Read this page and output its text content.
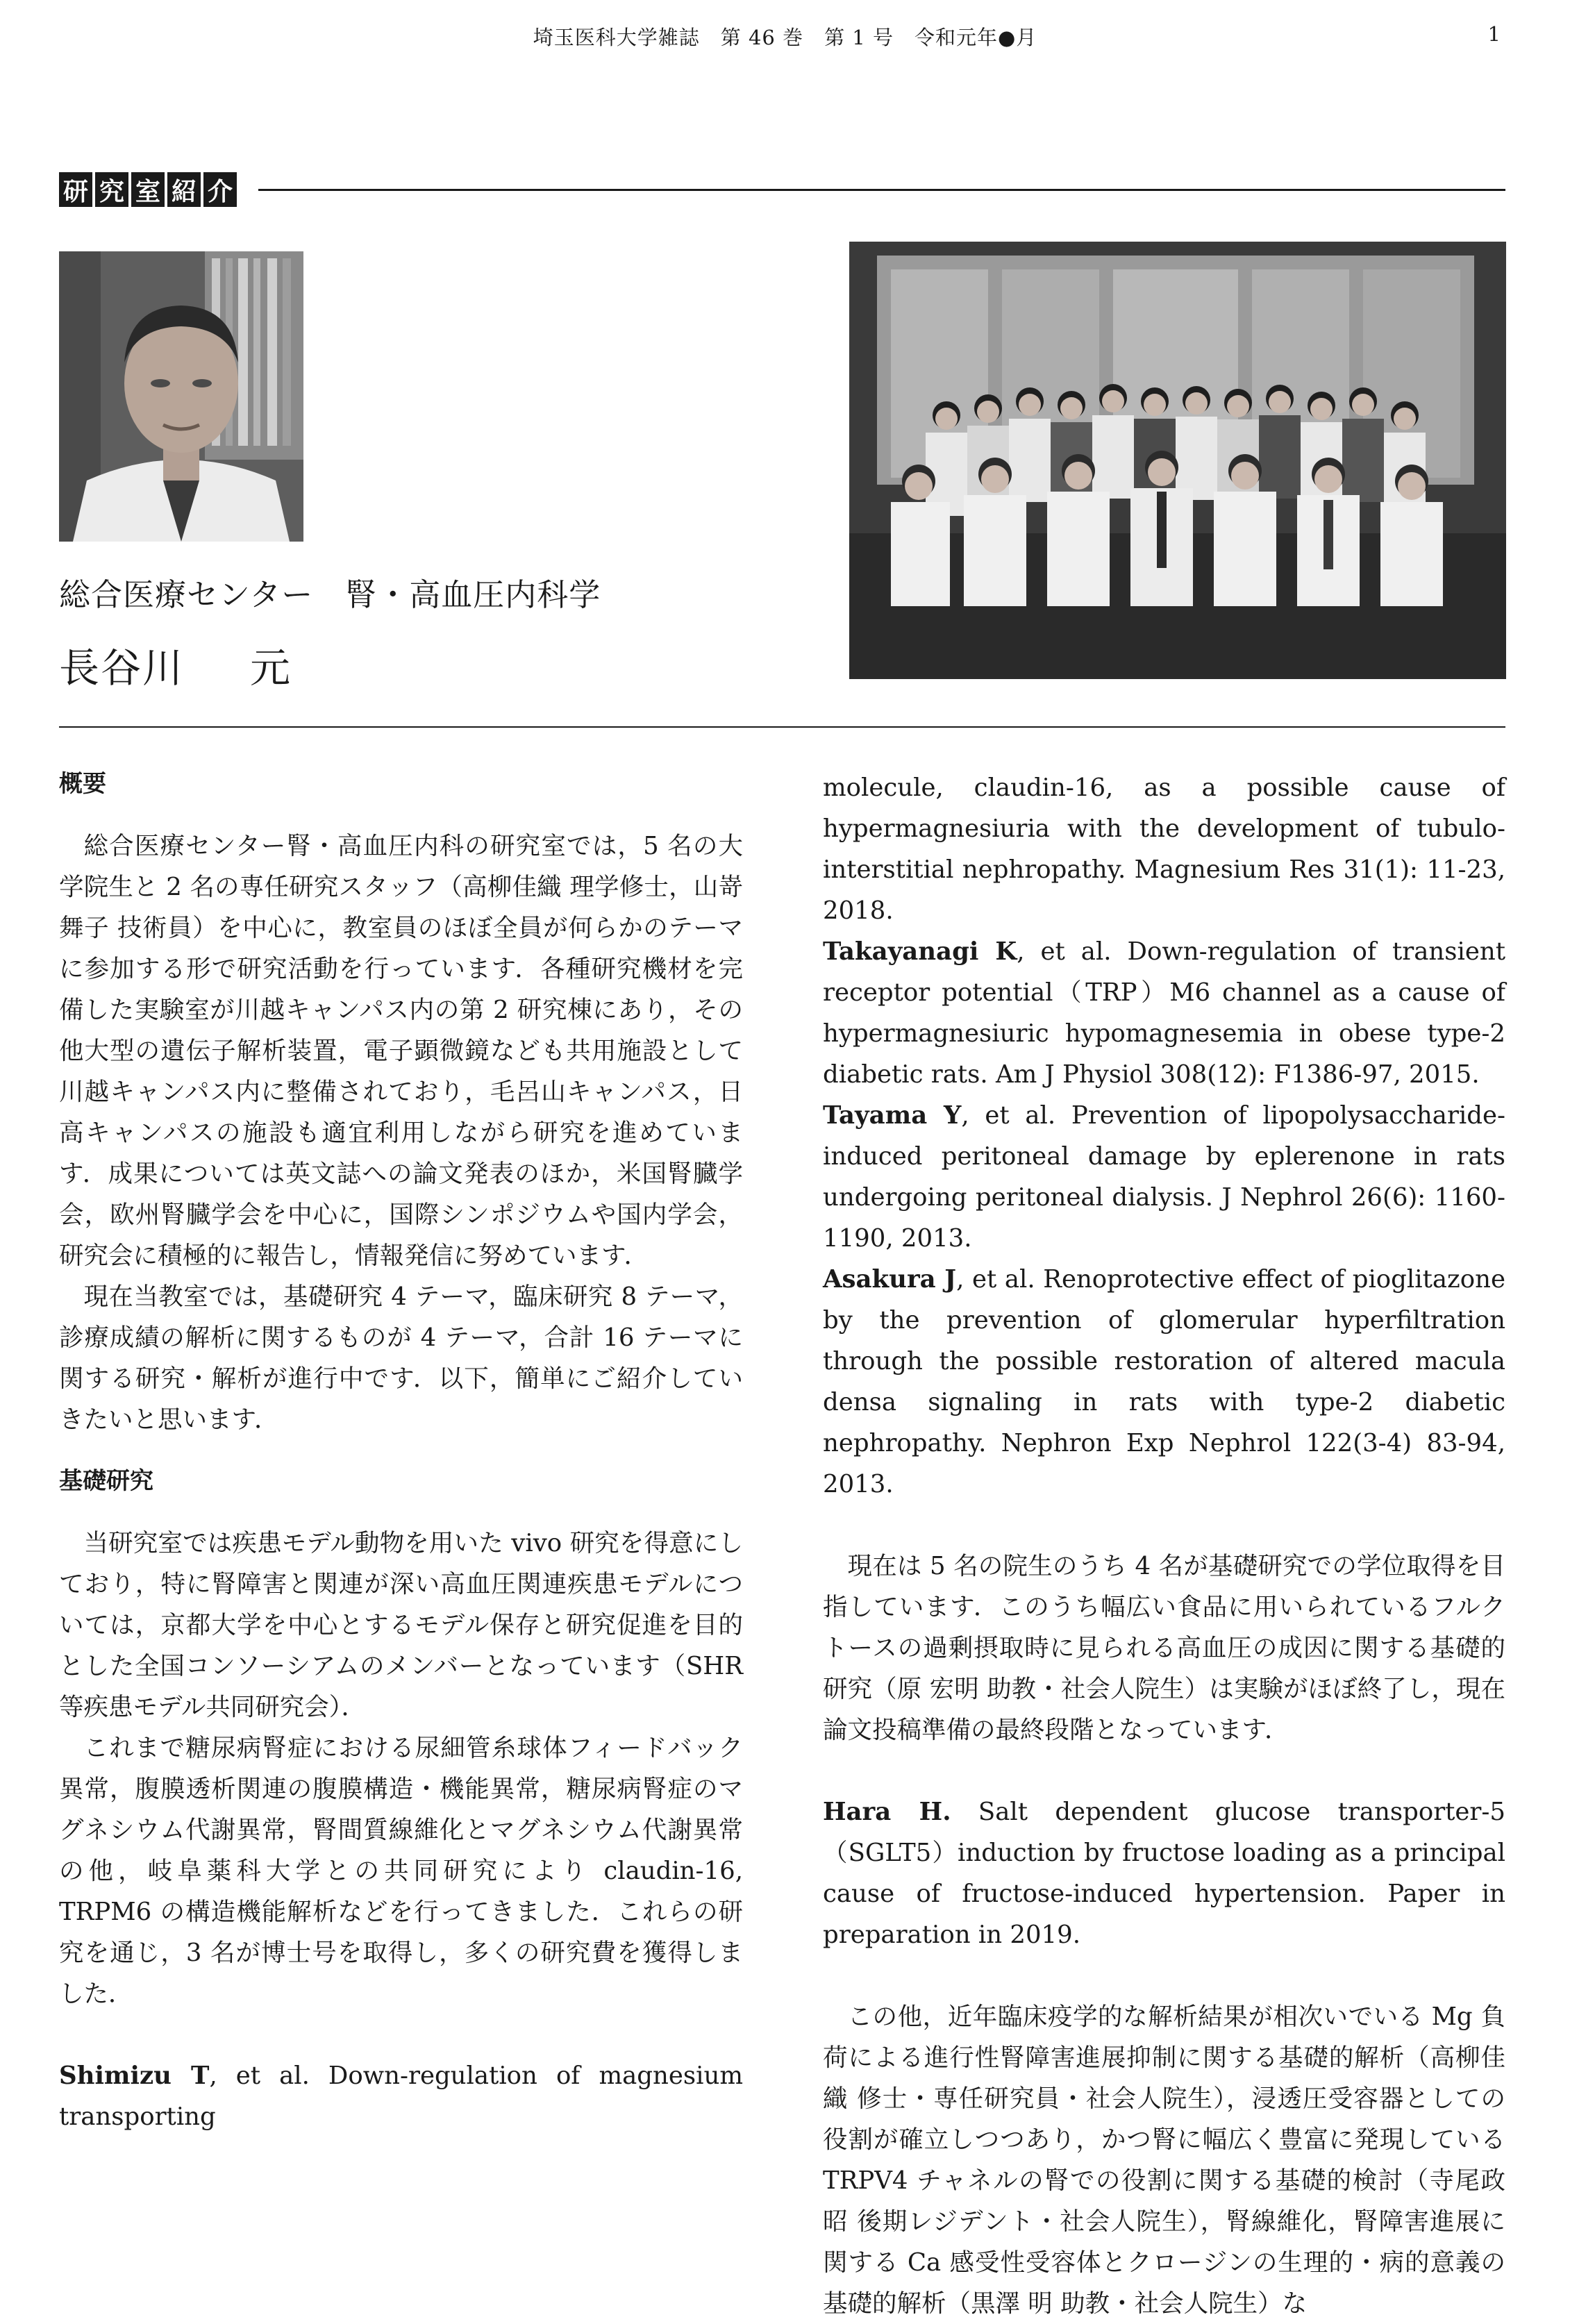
埼玉医科大学雑誌　第 46 巻　第 1 号　令和元年●月	1
研 究 室 紹 介
総合医療センター　腎・高血圧内科学
長谷川 元
概要

総合医療センター腎・高血圧内科の研究室では，5 名の大学院生と 2 名の専任研究スタッフ（高柳佳織 理学修士，山嵜舞子 技術員）を中心に，教室員のほぼ全員が何らかのテーマに参加する形で研究活動を行っています．各種研究機材を完備した実験室が川越キャンパス内の第 2 研究棟にあり，その他大型の遺伝子解析装置，電子顕微鏡なども共用施設として川越キャンパス内に整備されており，毛呂山キャンパス，日高キャンパスの施設も適宜利用しながら研究を進めています．成果については英文誌への論文発表のほか，米国腎臓学会，欧州腎臓学会を中心に，国際シンポジウムや国内学会，研究会に積極的に報告し，情報発信に努めています．

現在当教室では，基礎研究 4 テーマ，臨床研究 8 テーマ，診療成績の解析に関するものが 4 テーマ，合計 16 テーマに関する研究・解析が進行中です．以下，簡単にご紹介していきたいと思います．

基礎研究

当研究室では疾患モデル動物を用いた vivo 研究を得意にしており，特に腎障害と関連が深い高血圧関連疾患モデルについては，京都大学を中心とするモデル保存と研究促進を目的とした全国コンソーシアムのメンバーとなっています（SHR 等疾患モデル共同研究会）．

これまで糖尿病腎症における尿細管糸球体フィードバック異常，腹膜透析関連の腹膜構造・機能異常，糖尿病腎症のマグネシウム代謝異常，腎間質線維化とマグネシウム代謝異常の他，岐阜薬科大学との共同研究により claudin-16, TRPM6 の構造機能解析などを行ってきました．これらの研究を通じ，3 名が博士号を取得し，多くの研究費を獲得しました．

Shimizu T, et al. Down-regulation of magnesium transporting

molecule, claudin-16, as a possible cause of hypermagnesiuria with the development of tubulo-interstitial nephropathy. Magnesium Res 31(1): 11-23, 2018.

Takayanagi K, et al. Down-regulation of transient receptor potential（TRP）M6 channel as a cause of hypermagnesiuric hypomagnesemia in obese type-2 diabetic rats. Am J Physiol 308(12): F1386-97, 2015.

Tayama Y, et al. Prevention of lipopolysaccharide-induced peritoneal damage by eplerenone in rats undergoing peritoneal dialysis. J Nephrol 26(6): 1160-1190, 2013.

Asakura J, et al. Renoprotective effect of pioglitazone by the prevention of glomerular hyperfiltration through the possible restoration of altered macula densa signaling in rats with type-2 diabetic nephropathy. Nephron Exp Nephrol 122(3-4) 83-94, 2013.

現在は 5 名の院生のうち 4 名が基礎研究での学位取得を目指しています．このうち幅広い食品に用いられているフルクトースの過剰摂取時に見られる高血圧の成因に関する基礎的研究（原 宏明 助教・社会人院生）は実験がほぼ終了し，現在論文投稿準備の最終段階となっています．

Hara H. Salt dependent glucose transporter-5（SGLT5）induction by fructose loading as a principal cause of fructose-induced hypertension. Paper in preparation in 2019.

この他，近年臨床疫学的な解析結果が相次いでいる Mg 負荷による進行性腎障害進展抑制に関する基礎的解析（高柳佳織 修士・専任研究員・社会人院生），浸透圧受容器としての役割が確立しつつあり，かつ腎に幅広く豊富に発現している TRPV4 チャネルの腎での役割に関する基礎的検討（寺尾政昭 後期レジデント・社会人院生），腎線維化，腎障害進展に関する Ca 感受性受容体とクロージンの生理的・病的意義の基礎的解析（黒澤 明 助教・社会人院生）な
